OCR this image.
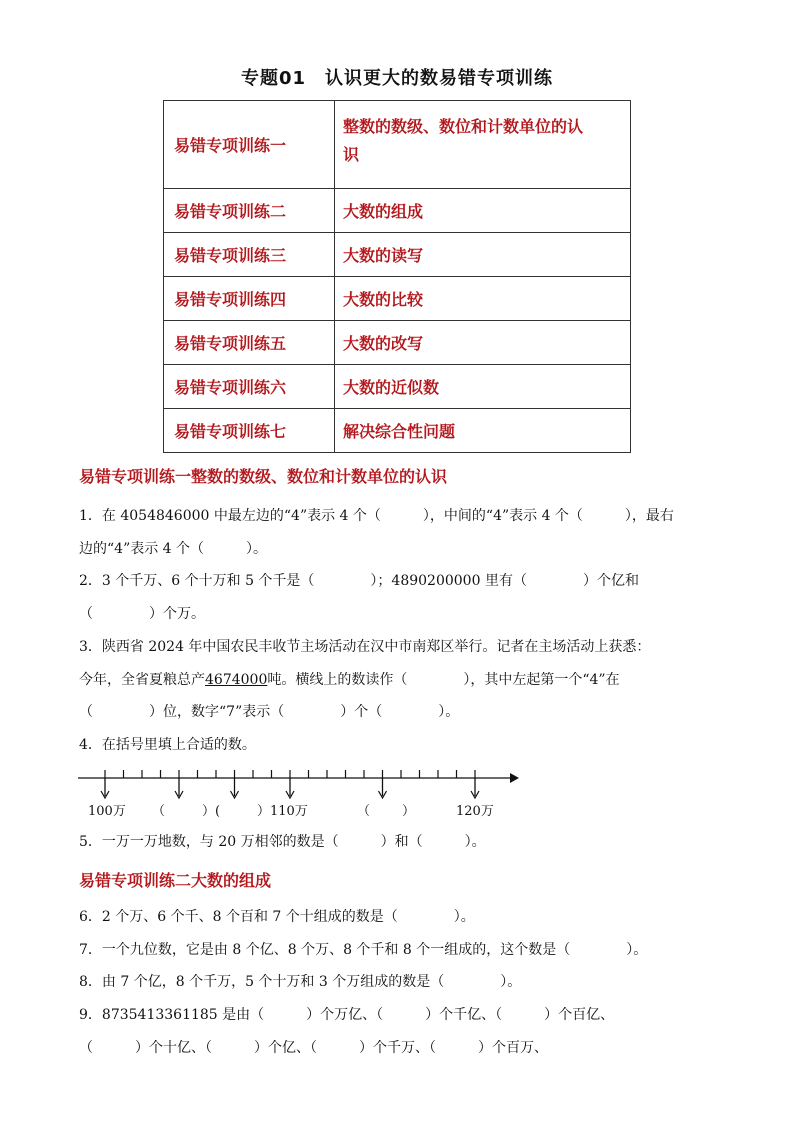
专题01　认识更大的数易错专项训练
易错专项训练一	整数的数级、数位和计数单位的认
识

易错专项训练二	大数的组成
易错专项训练三	大数的读写
易错专项训练四	大数的比较
易错专项训练五	大数的改写
易错专项训练六	大数的近似数
易错专项训练七	解决综合性问题
易错专项训练一整数的数级、数位和计数单位的认识
1．在 4054846000 中最左边的“4”表示 4 个（　　　），中间的“4”表示 4 个（　　　），最右
边的“4”表示 4 个（　　　）。
2．3 个千万、6 个十万和 5 个千是（　　　　）；4890200000 里有（　　　　）个亿和
（　　　　）个万。
3．陕西省 2024 年中国农民丰收节主场活动在汉中市南郑区举行。记者在主场活动上获悉：
今年，全省夏粮总产4674000吨。横线上的数读作（　　　　），其中左起第一个“4”在
（　　　　）位，数字“7”表示（　　　　）个（　　　　）。
4．在括号里填上合适的数。
100万 （	）(	）110万	（ ）	120万
5．一万一万地数，与 20 万相邻的数是（　　　）和（　　　）。
易错专项训练二大数的组成
6．2 个万、6 个千、8 个百和 7 个十组成的数是（　　　　）。
7．一个九位数，它是由 8 个亿、8 个万、8 个千和 8 个一组成的，这个数是（　　　　）。
8．由 7 个亿，8 个千万，5 个十万和 3 个万组成的数是（　　　　）。
9．8735413361185 是由（　　　）个万亿、（　　　）个千亿、（　　　）个百亿、
（　　　）个十亿、（　　　）个亿、（　　　）个千万、（　　　）个百万、
